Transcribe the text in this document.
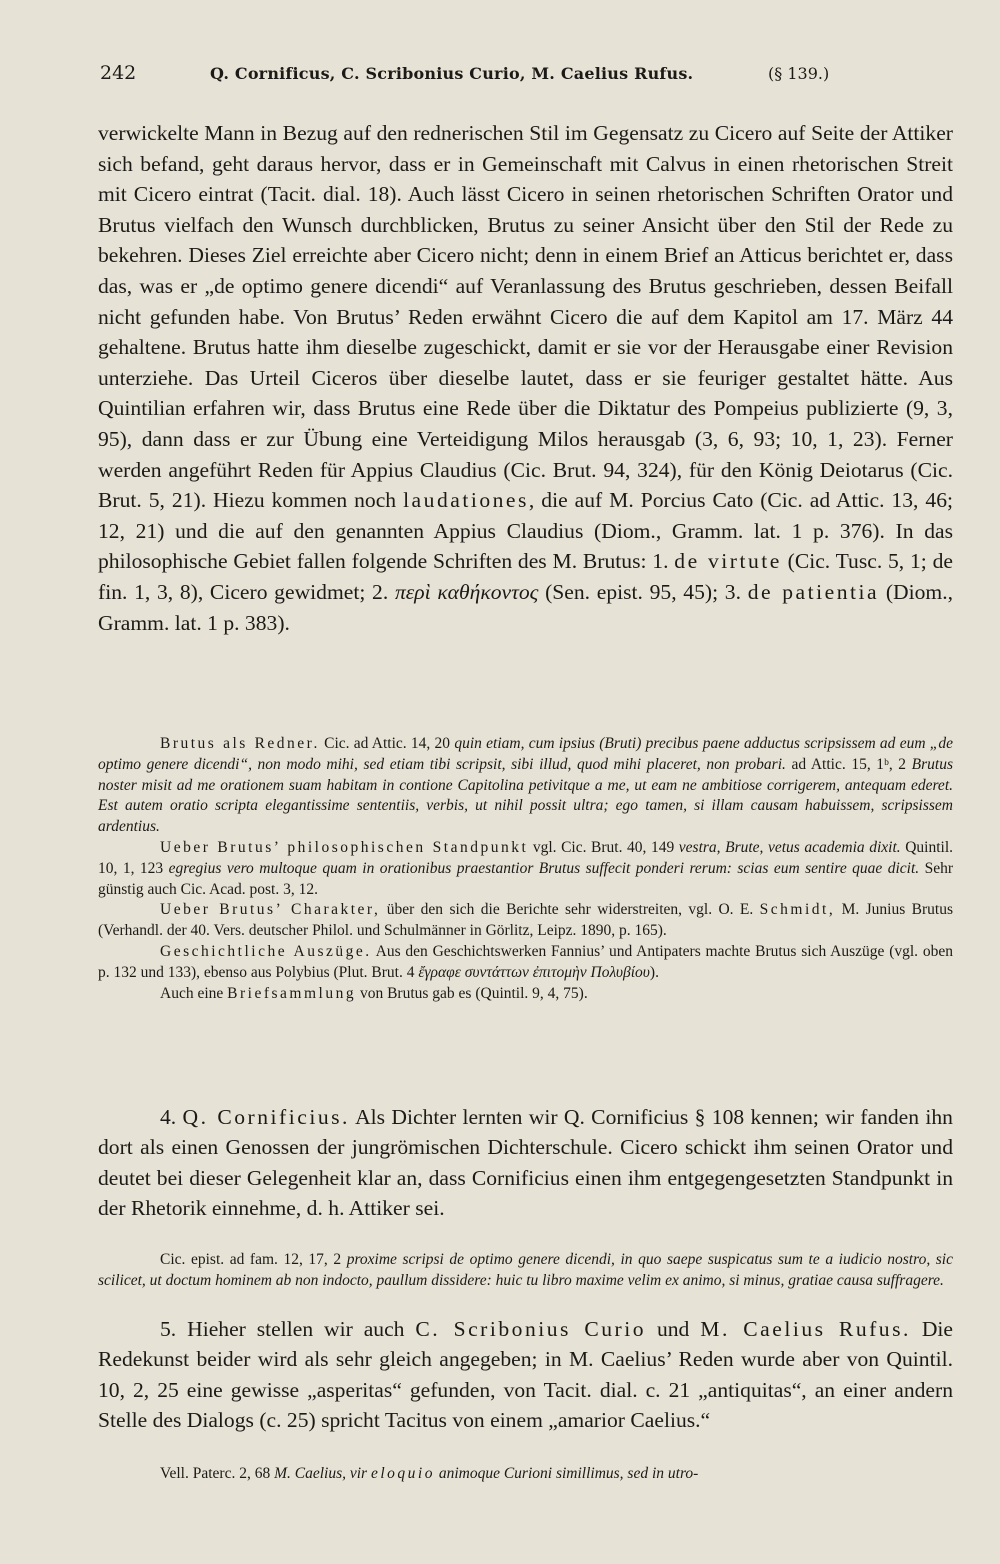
242	Q. Cornificus, C. Scribonius Curio, M. Caelius Rufus.	(§ 139.)

verwickelte Mann in Bezug auf den rednerischen Stil im Gegensatz zu Cicero auf Seite der Attiker sich befand, geht daraus hervor, dass er in Gemeinschaft mit Calvus in einen rhetorischen Streit mit Cicero eintrat (Tacit. dial. 18). Auch lässt Cicero in seinen rhetorischen Schriften Orator und Brutus vielfach den Wunsch durchblicken, Brutus zu seiner Ansicht über den Stil der Rede zu bekehren. Dieses Ziel erreichte aber Cicero nicht; denn in einem Brief an Atticus berichtet er, dass das, was er „de optimo genere dicendi“ auf Veranlassung des Brutus geschrieben, dessen Beifall nicht gefunden habe. Von Brutus’ Reden erwähnt Cicero die auf dem Kapitol am 17. März 44 gehaltene. Brutus hatte ihm dieselbe zugeschickt, damit er sie vor der Herausgabe einer Revision unterziehe. Das Urteil Ciceros über dieselbe lautet, dass er sie feuriger gestaltet hätte. Aus Quintilian erfahren wir, dass Brutus eine Rede über die Diktatur des Pompeius publizierte (9, 3, 95), dann dass er zur Übung eine Verteidigung Milos herausgab (3, 6, 93; 10, 1, 23). Ferner werden angeführt Reden für Appius Claudius (Cic. Brut. 94, 324), für den König Deiotarus (Cic. Brut. 5, 21). Hiezu kommen noch laudationes, die auf M. Porcius Cato (Cic. ad Attic. 13, 46; 12, 21) und die auf den genannten Appius Claudius (Diom., Gramm. lat. 1 p. 376). In das philosophische Gebiet fallen folgende Schriften des M. Brutus: 1. de virtute (Cic. Tusc. 5, 1; de fin. 1, 3, 8), Cicero gewidmet; 2. περὶ καθήκοντος (Sen. epist. 95, 45); 3. de patientia (Diom., Gramm. lat. 1 p. 383).

Brutus als Redner. Cic. ad Attic. 14, 20 quin etiam, cum ipsius (Bruti) precibus paene adductus scripsissem ad eum „de optimo genere dicendi“, non modo mihi, sed etiam tibi scripsit, sibi illud, quod mihi placeret, non probari. ad Attic. 15, 1ᵇ, 2 Brutus noster misit ad me orationem suam habitam in contione Capitolina petivitque a me, ut eam ne ambitiose corrigerem, antequam ederet. Est autem oratio scripta elegantissime sententiis, verbis, ut nihil possit ultra; ego tamen, si illam causam habuissem, scripsissem ardentius.

Ueber Brutus’ philosophischen Standpunkt vgl. Cic. Brut. 40, 149 vestra, Brute, vetus academia dixit. Quintil. 10, 1, 123 egregius vero multoque quam in orationibus praestantior Brutus suffecit ponderi rerum: scias eum sentire quae dicit. Sehr günstig auch Cic. Acad. post. 3, 12.

Ueber Brutus’ Charakter, über den sich die Berichte sehr widerstreiten, vgl. O. E. Schmidt, M. Junius Brutus (Verhandl. der 40. Vers. deutscher Philol. und Schulmänner in Görlitz, Leipz. 1890, p. 165).

Geschichtliche Auszüge. Aus den Geschichtswerken Fannius’ und Antipaters machte Brutus sich Auszüge (vgl. oben p. 132 und 133), ebenso aus Polybius (Plut. Brut. 4 ἔγραφε συντάττων ἐπιτομὴν Πολυβίου).

Auch eine Briefsammlung von Brutus gab es (Quintil. 9, 4, 75).

4. Q. Cornificius. Als Dichter lernten wir Q. Cornificius § 108 kennen; wir fanden ihn dort als einen Genossen der jungrömischen Dichterschule. Cicero schickt ihm seinen Orator und deutet bei dieser Gelegenheit klar an, dass Cornificius einen ihm entgegengesetzten Standpunkt in der Rhetorik einnehme, d. h. Attiker sei.

Cic. epist. ad fam. 12, 17, 2 proxime scripsi de optimo genere dicendi, in quo saepe suspicatus sum te a iudicio nostro, sic scilicet, ut doctum hominem ab non indocto, paullum dissidere: huic tu libro maxime velim ex animo, si minus, gratiae causa suffragere.

5. Hieher stellen wir auch C. Scribonius Curio und M. Caelius Rufus. Die Redekunst beider wird als sehr gleich angegeben; in M. Caelius’ Reden wurde aber von Quintil. 10, 2, 25 eine gewisse „asperitas“ gefunden, von Tacit. dial. c. 21 „antiquitas“, an einer andern Stelle des Dialogs (c. 25) spricht Tacitus von einem „amarior Caelius.“

Vell. Paterc. 2, 68 M. Caelius, vir eloquio animoque Curioni simillimus, sed in utro-
